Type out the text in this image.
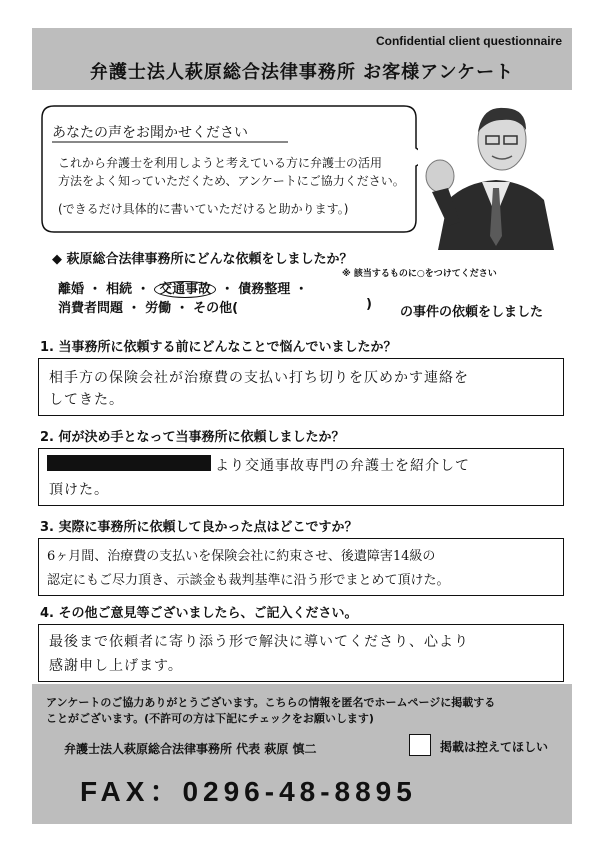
Confidential client questionnaire
弁護士法人萩原総合法律事務所 お客様アンケート
あなたの声をお聞かせください
これから弁護士を利用しようと考えている方に弁護士の活用
方法をよく知っていただくため、アンケートにご協力ください。
(できるだけ具体的に書いていただけると助かります。)
◆ 萩原総合法律事務所にどんな依頼をしましたか？
※ 該当するものに○をつけてください
離婚 ・ 相続 ・ 交通事故 ・ 債務整理 ・
消費者問題 ・ 労働 ・ その他(	)
の事件の依頼をしました
1. 当事務所に依頼する前にどんなことで悩んでいましたか？
相手方の保険会社が治療費の支払い打ち切りを仄めかす連絡を
してきた。
2. 何が決め手となって当事務所に依頼しましたか？
より交通事故専門の弁護士を紹介して
頂けた。
3. 実際に事務所に依頼して良かった点はどこですか？
6ヶ月間、治療費の支払いを保険会社に約束させ、後遺障害14級の
認定にもご尽力頂き、示談金も裁判基準に沿う形でまとめて頂けた。
4. その他ご意見等ございましたら、ご記入ください。
最後まで依頼者に寄り添う形で解決に導いてくださり、心より
感謝申し上げます。
アンケートのご協力ありがとうございます。こちらの情報を匿名でホームページに掲載する
ことがございます。(不許可の方は下記にチェックをお願いします)
弁護士法人萩原総合法律事務所 代表 萩原 慎二	掲載は控えてほしい
FAX：0296-48-8895
